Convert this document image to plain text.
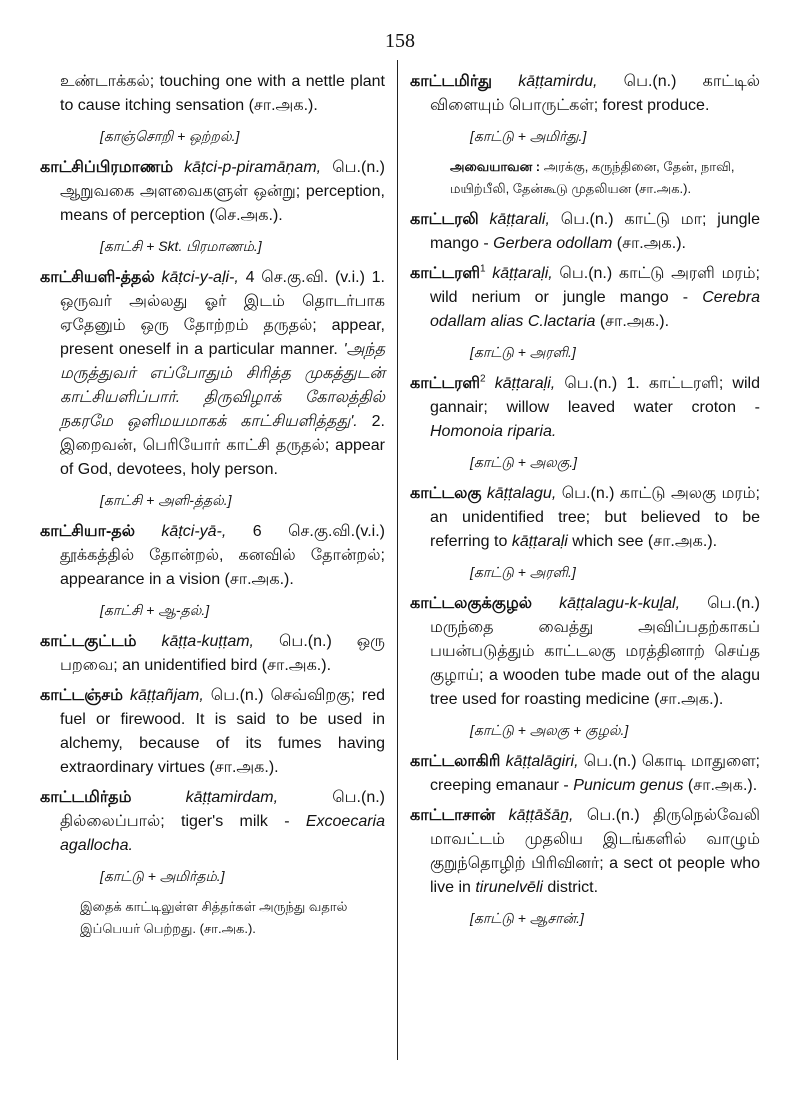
158

உண்டாக்கல்; touching one with a nettle plant to cause itching sensation (சா.அக.).

[காஞ்சொறி + ஒற்றல்.]

காட்சிப்பிரமாணம் kāṭci-p-piramāṇam, பெ.(n.) ஆறுவகை அளவைகளுள் ஒன்று; perception, means of perception (செ.அக.).

[காட்சி + Skt. பிரமாணம்.]

காட்சியளி-த்தல் kāṭci-y-aḷi-, 4 செ.கு.வி. (v.i.) 1. ஒருவர் அல்லது ஓர் இடம் தொடர்பாக ஏதேனும் ஒரு தோற்றம் தருதல்; appear, present oneself in a particular manner. 'அந்த மருத்துவர் எப்போதும் சிரித்த முகத்துடன் காட்சியளிப்பார். திருவிழாக் கோலத்தில் நகரமே ஒளிமயமாகக் காட்சியளித்தது'. 2. இறைவன், பெரியோர் காட்சி தருதல்; appear of God, devotees, holy person.

[காட்சி + அளி-த்தல்.]

காட்சியா-தல் kāṭci-yā-, 6 செ.கு.வி.(v.i.) தூக்கத்தில் தோன்றல், கனவில் தோன்றல்; appearance in a vision (சா.அக.).

[காட்சி + ஆ-தல்.]

காட்டகுட்டம் kāṭṭa-kuṭṭam, பெ.(n.) ஒரு பறவை; an unidentified bird (சா.அக.).

காட்டஞ்சம் kāṭṭañjam, பெ.(n.) செவ்விறகு; red fuel or firewood. It is said to be used in alchemy, because of its fumes having extraordinary virtues (சா.அக.).

காட்டமிர்தம்	kāṭṭamirdam, பெ.(n.) தில்லைப்பால்; tiger's milk - Excoecaria agallocha.

[காட்டு + அமிர்தம்.]
இதைக் காட்டிலுள்ள சித்தர்கள் அருந்து வதால் இப்பெயர் பெற்றது. (சா.அக.).

காட்டமிர்து kāṭṭamirdu, பெ.(n.) காட்டில் விளையும் பொருட்கள்; forest produce.

[காட்டு + அமிர்து.]
அவையாவன : அரக்கு, கருந்தினை, தேன், நாவி, மயிற்பீலி, தேன்கூடு முதலியன (சா.அக.).

காட்டரலி kāṭṭarali, பெ.(n.) காட்டு மா; jungle mango - Gerbera odollam (சா.அக.).

காட்டரளி$^1$ kāṭṭaraḷi, பெ.(n.) காட்டு அரளி மரம்; wild nerium or jungle mango - Cerebra odallam alias C.lactaria (சா.அக.).

[காட்டு + அரளி.]

காட்டரளி$^2$ kāṭṭaraḷi, பெ.(n.) 1. காட்டரளி; wild gannair; willow leaved water croton - Homonoia riparia.

[காட்டு + அலகு.]

காட்டலகு kāṭṭalagu, பெ.(n.) காட்டு அலகு மரம்; an unidentified tree; but believed to be referring to kāṭṭaraḷi which see (சா.அக.).

[காட்டு + அரளி.]

காட்டலகுக்குழல் kāṭṭalagu-k-kuḻal, பெ.(n.) மருந்தை வைத்து அவிப்பதற்காகப் பயன்படுத்தும் காட்டலகு மரத்தினாற் செய்த குழாய்; a wooden tube made out of the alagu tree used for roasting medicine (சா.அக.).

[காட்டு + அலகு + குழல்.]

காட்டலாகிரி kāṭṭalāgiri, பெ.(n.) கொடி மாதுளை; creeping emanaur - Punicum genus (சா.அக.).

காட்டாசான் kāṭṭāšāṉ, பெ.(n.) திருநெல்வேலி மாவட்டம் முதலிய இடங்களில் வாழும் குறுந்தொழிற் பிரிவினர்; a sect ot people who live in tirunelvēli district.

[காட்டு + ஆசான்.]
